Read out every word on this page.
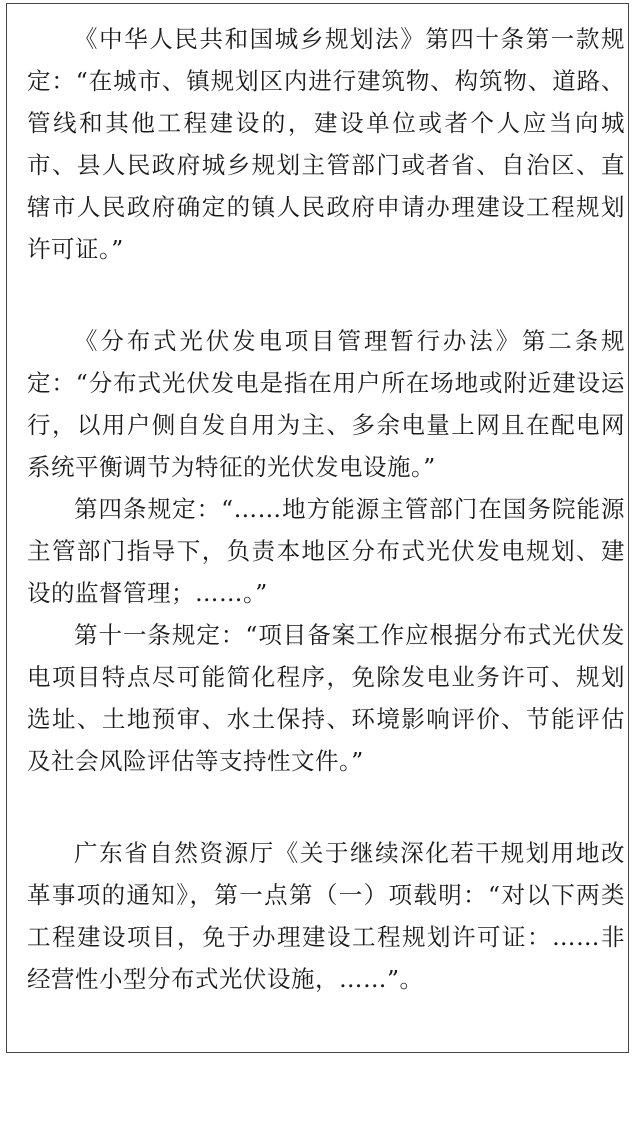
《中华人民共和国城乡规划法》第四十条第一款规定：“在城市、镇规划区内进行建筑物、构筑物、道路、管线和其他工程建设的，建设单位或者个人应当向城市、县人民政府城乡规划主管部门或者省、自治区、直辖市人民政府确定的镇人民政府申请办理建设工程规划许可证。”

《分布式光伏发电项目管理暂行办法》第二条规定：“分布式光伏发电是指在用户所在场地或附近建设运行，以用户侧自发自用为主、多余电量上网且在配电网系统平衡调节为特征的光伏发电设施。”

第四条规定：“……地方能源主管部门在国务院能源主管部门指导下，负责本地区分布式光伏发电规划、建设的监督管理；……。”

第十一条规定：“项目备案工作应根据分布式光伏发电项目特点尽可能简化程序，免除发电业务许可、规划选址、土地预审、水土保持、环境影响评价、节能评估及社会风险评估等支持性文件。”

广东省自然资源厅《关于继续深化若干规划用地改革事项的通知》，第一点第（一）项载明：“对以下两类工程建设项目，免于办理建设工程规划许可证：……非经营性小型分布式光伏设施，……”。
